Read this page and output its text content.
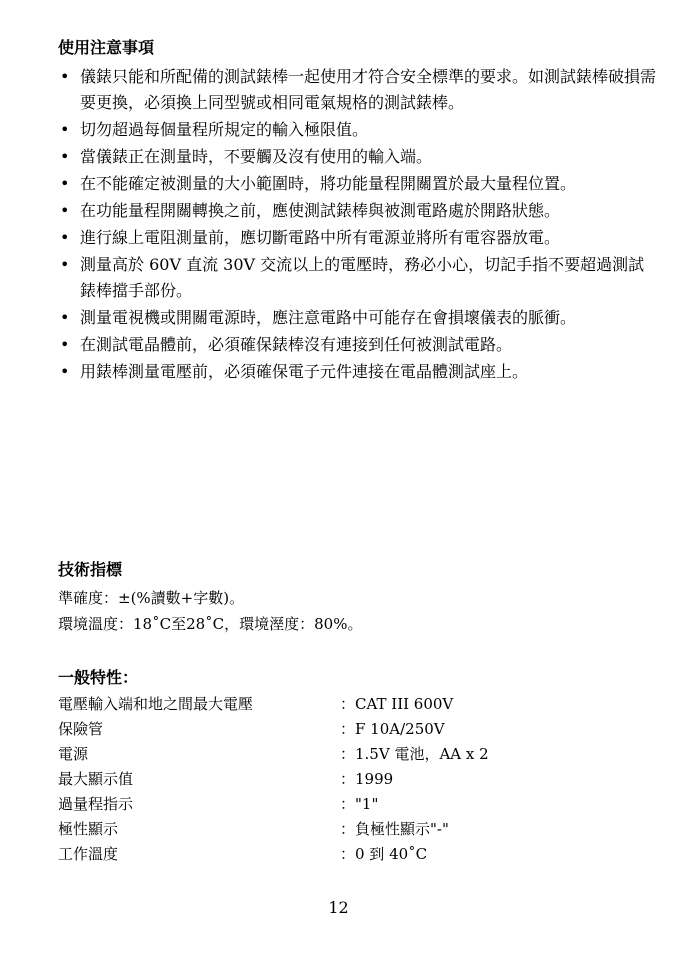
使用注意事項
• 儀錶只能和所配備的測試錶棒一起使用才符合安全標準的要求。如測試錶棒破損需要更換，必須換上同型號或相同電氣規格的測試錶棒。
• 切勿超過每個量程所規定的輸入極限值。
• 當儀錶正在測量時，不要觸及沒有使用的輸入端。
• 在不能確定被測量的大小範圍時，將功能量程開關置於最大量程位置。
• 在功能量程開關轉換之前，應使測試錶棒與被測電路處於開路狀態。
• 進行線上電阻測量前，應切斷電路中所有電源並將所有電容器放電。
• 測量高於 60V 直流 30V 交流以上的電壓時，務必小心，切記手指不要超過測試錶棒擋手部份。
• 測量電視機或開關電源時，應注意電路中可能存在會損壞儀表的脈衝。
• 在測試電晶體前，必須確保錶棒沒有連接到任何被測試電路。
• 用錶棒測量電壓前，必須確保電子元件連接在電晶體測試座上。
技術指標
準確度：±(%讀數+字數)。
環境溫度：18˚C至28˚C，環境溼度：80%。
一般特性：
電壓輸入端和地之間最大電壓	：CAT III 600V
保險管	：F 10A/250V
電源	：1.5V 電池，AA x 2
最大顯示值	：1999
過量程指示	："1"
極性顯示	：負極性顯示"-"
工作溫度	：0 到 40˚C
12
